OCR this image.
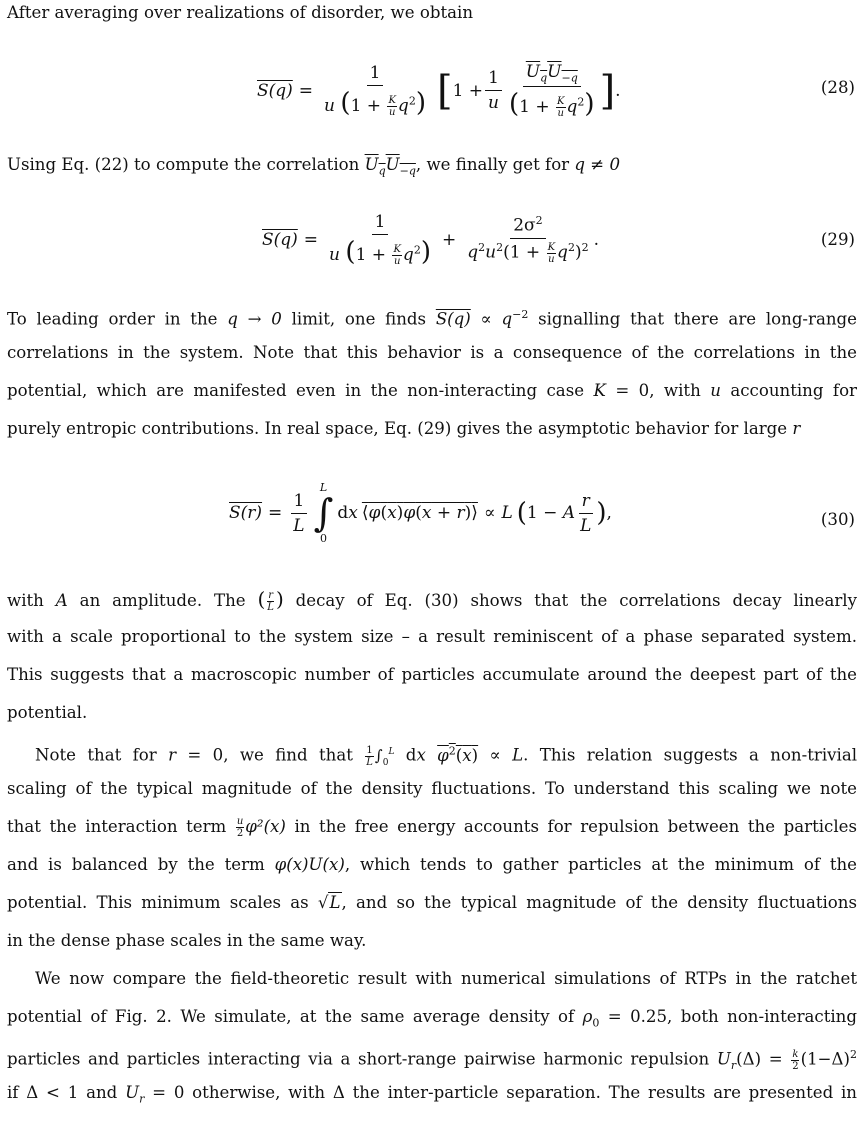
After averaging over realizations of disorder, we obtain

$S(q) = \frac{1}{u (1 + \frac{K}{u} q^2)}$ [ $1 + \frac{1}{u} \frac{U_qU_{-q}}{(1 + \frac{K}{u} q^2)}$ ] .	(28)

Using Eq. (22) to compute the correlation $U_qU_{-q}$, we finally get for q ≠ 0

$S(q) = \frac{1}{u (1 + \frac{K}{u} q^2)} + \frac{2\sigma^2}{q^2u^2(1 + \frac{K}{u} q^2)^2}$ .	(29)

To leading order in the q → 0 limit, one finds $S(q) \propto q^{-2}$ signalling that there are long-range
correlations in the system. Note that this behavior is a consequence of the correlations in the
potential, which are manifested even in the non-interacting case K = 0, with u accounting for
purely entropic contributions. In real space, Eq. (29) gives the asymptotic behavior for large r

$S(r) = \frac{1}{L}$
L
∫
0
dx ⟨φ(x)φ(x + r)⟩ ∝ L ( 1 − A $\frac{r}{L}$ ) ,	(30)

with A an amplitude. The ( $\frac{r}{L}$ ) decay of Eq. (30) shows that the correlations decay linearly
with a scale proportional to the system size – a result reminiscent of a phase separated system.
This suggests that a macroscopic number of particles accumulate around the deepest part of the
potential.

Note that for r = 0, we find that $\frac{1}{L} \int_0^L$ dx $\varphi^2(x) \propto L$. This relation suggests a non-trivial
scaling of the typical magnitude of the density fluctuations. To understand this scaling we note
that the interaction term $\frac{u}{2} \varphi^2(x)$ in the free energy accounts for repulsion between the particles
and is balanced by the term φ(x)U(x), which tends to gather particles at the minimum of the
potential. This minimum scales as √L, and so the typical magnitude of the density fluctuations
in the dense phase scales in the same way.

We now compare the field-theoretic result with numerical simulations of RTPs in the ratchet
potential of Fig. 2. We simulate, at the same average density of $\rho_0 = 0.25$, both non-interacting
particles and particles interacting via a short-range pairwise harmonic repulsion $U_r(\Delta) = \frac{k}{2} (1-\Delta)^2$
if Δ < 1 and $U_r = 0$ otherwise, with Δ the inter-particle separation. The results are presented in
